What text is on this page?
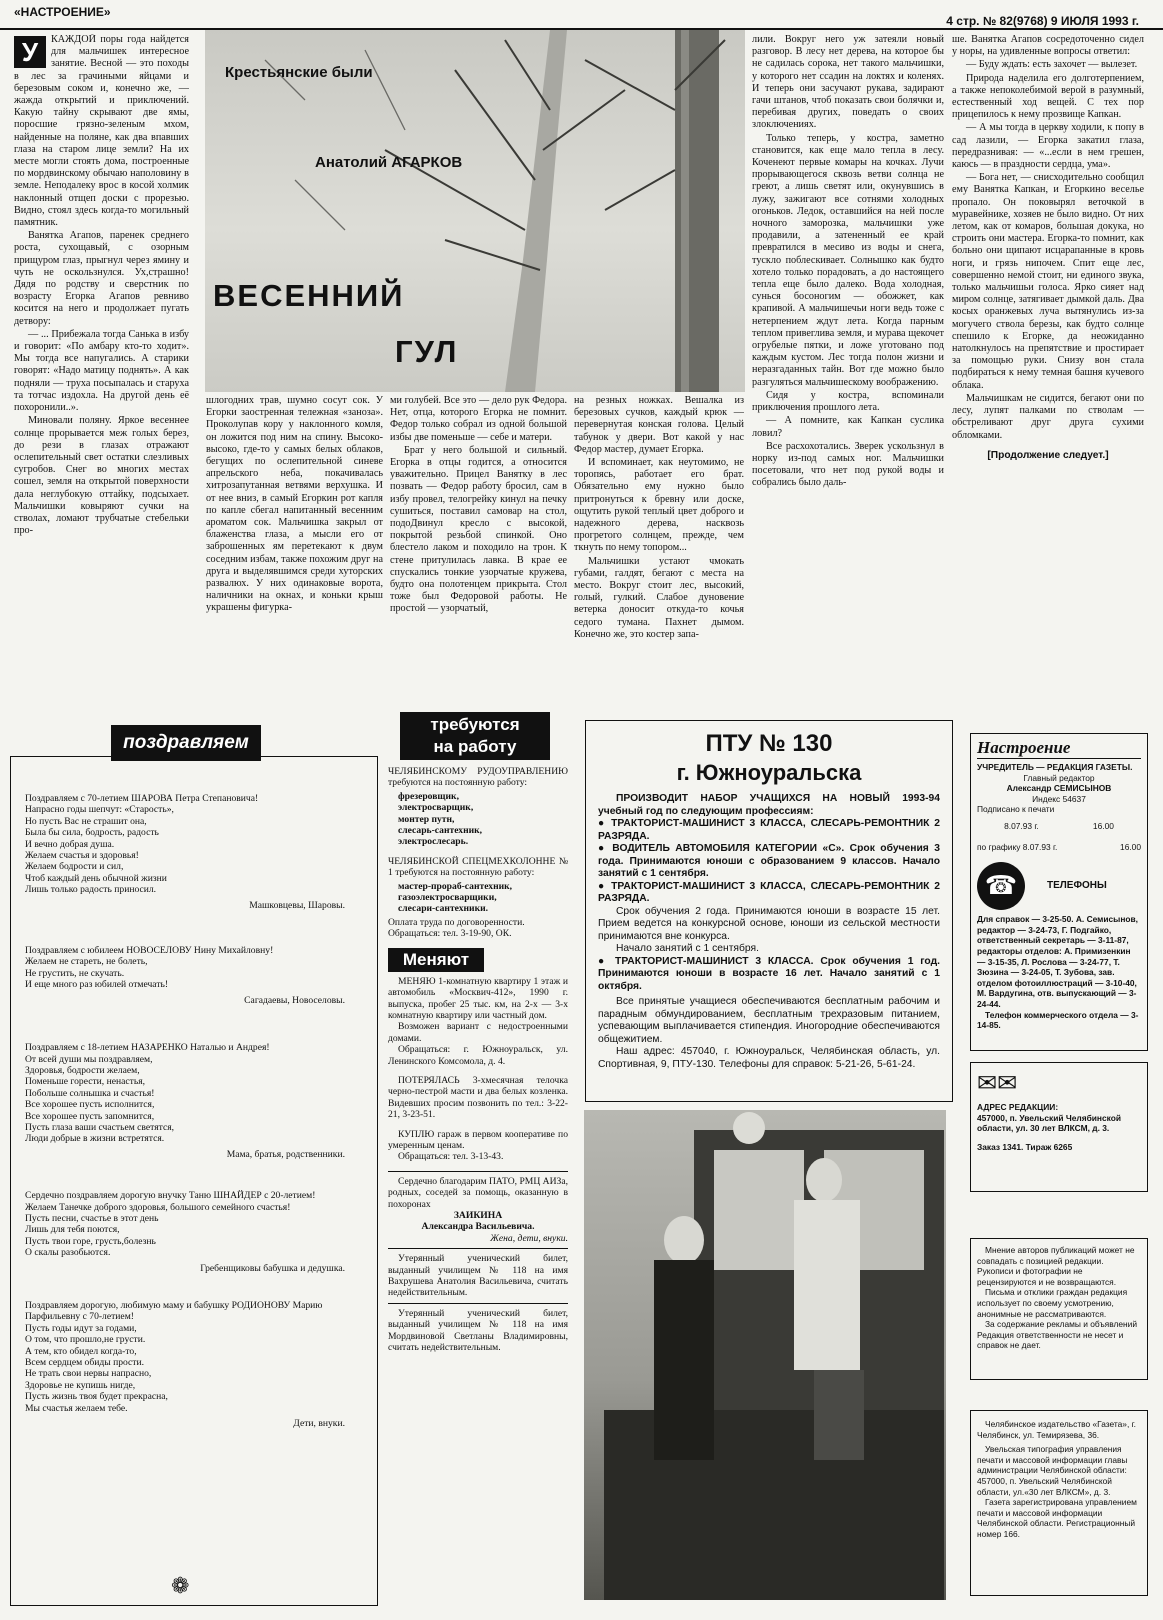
«НАСТРОЕНИЕ»
4 стр. № 82(9768) 9 ИЮЛЯ 1993 г.
У	КАЖДОЙ поры года найдется для мальчишек интересное занятие. Весной — это походы в лес за грачиными яйцами и березовым соком и, конечно же, — жажда открытий и приключений. Какую тайну скрывают две ямы, поросшие грязно-зеленым мхом, найденные на поляне, как два впавших глаза на старом лице земли? На их месте могли стоять дома, построенные по мордвинскому обычаю наполовину в земле. Неподалеку врос в косой холмик наклонный отщеп доски с прорезью. Видно, стоял здесь когда-то могильный памятник.

Ванятка Агапов, паренек среднего роста, сухощавый, с озорным прищуром глаз, прыгнул через ямину и чуть не оскользнулся. Ух,страшно! Дядя по родству и сверстник по возрасту Егорка Агапов ревниво косится на него и продолжает пугать детвору:

— ... Прибежала тогда Санька в избу и говорит: «По амбару кто-то ходит». Мы тогда все напугались. А старики говорят: «Надо матицу поднять». А как подняли — труха посыпалась и старуха та тотчас издохла. На другой день её похоронили..».

Миновали поляну. Яркое весеннее солнце прорывается меж голых берез, до рези в глазах отражают ослепительный свет остатки слезливых сугробов. Снег во многих местах сошел, земля на открытой поверхности дала неглубокую оттайку, подсыхает. Мальчишки ковыряют сучки на стволах, ломают трубчатые стебельки про-

Крестьянские были
Анатолий АГАРКОВ
ВЕСЕННИЙ
ГУЛ

шлогодних трав, шумно сосут сок. У Егорки заостренная тележная «заноза». Проколупав кору у наклонного комля, он ложится под ним на спину. Высоко-высоко, где-то у самых белых облаков, бегущих по ослепительной синеве апрельского неба, покачивалась хитрозапутанная ветвями верхушка. И от нее вниз, в самый Егоркин рот капля по капле сбегал напитанный весенним ароматом сок. Мальчишка закрыл от блаженства глаза, а мысли его от заброшенных ям перетекают к двум соседним избам, также похожим друг на друга и выделявшимся среди хуторских развалюх. У них одинаковые ворота, наличники на окнах, и коньки крыш украшены фигурка-

ми голубей. Все это — дело рук Федора. Нет, отца, которого Егорка не помнит. Федор только собрал из одной большой избы две поменьше — себе и матери.

Брат у него большой и сильный. Егорка в отцы годится, а относится уважительно. Прицел Ванятку в лес позвать — Федор работу бросил, сам в избу провел, телогрейку кинул на печку сушиться, поставил самовар на стол, подоДвинул кресло с высокой, покрытой резьбой спинкой. Оно блестело лаком и походило на трон. К стене притулилась лавка. В крае ее спускались тонкие узорчатые кружева, будто она полотенцем прикрыта. Стол тоже был Федоровой работы. Не простой — узорчатый,

на резных ножках. Вешалка из березовых сучков, каждый крюк — перевернутая конская голова. Целый табунок у двери. Вот какой у нас Федор мастер, думает Егорка.

И вспоминает, как неутомимо, не торопясь, работает его брат. Обязательно ему нужно было притронуться к бревну или доске, ощутить рукой теплый цвет доброго и надежного дерева, насквозь прогретого солнцем, прежде, чем ткнуть по нему топором...

Мальчишки устают чмокать губами, галдят, бегают с места на место. Вокруг стоит лес, высокий, голый, гулкий. Слабое дуновение ветерка доносит откуда-то кочья седого тумана. Пахнет дымом. Конечно же, это костер запа-

лили. Вокруг него уж затеяли новый разговор. В лесу нет дерева, на которое бы не садилась сорока, нет такого мальчишки, у которого нет ссадин на локтях и коленях. И теперь они засучают рукава, задирают гачи штанов, чтоб показать свои болячки и, перебивая других, поведать о своих злоключениях.

Только теперь, у костра, заметно становится, как еще мало тепла в лесу. Коченеют первые комары на кочках. Лучи прорывающегося сквозь ветви солнца не греют, а лишь светят или, окунувшись в лужу, зажигают все сотнями холодных огоньков. Ледок, оставшийся на ней после ночного заморозка, мальчишки уже продавили, а затененный ее край превратился в месиво из воды и снега, тускло поблескивает. Солнышко как будто хотело только порадовать, а до настоящего тепла еще было далеко. Вода холодная, сунься босоногим — обожжет, как крапивой. А мальчишечьи ноги ведь тоже с нетерпением ждут лета. Когда парным теплом привеглива земля, и мурава щекочет огрубелые пятки, и ложе уготовано под каждым кустом. Лес тогда полон жизни и неразгаданных тайн. Вот где можно было разгуляться мальчишескому воображению.

Сидя у костра, вспоминали приключения прошлого лета.

— А помните, как Капкан суслика ловил?

Все расхохотались. Зверек ускользнул в норку из-под самых ног. Мальчишки посетовали, что нет под рукой воды и собрались было даль-

ше. Ванятка Агапов сосредоточенно сидел у норы, на удивленные вопросы ответил:

— Буду ждать: есть захочет — вылезет.

Природа наделила его долготерпением, а также непоколебимой верой в разумный, естественный ход вещей. С тех пор прицепилось к нему прозвище Капкан.

— А мы тогда в церкву ходили, к попу в сад лазили, — Егорка закатил глаза, передразнивая: — «...если в нем грешен, каюсь — в праздности сердца, ума».

— Бога нет, — снисходительно сообщил ему Ванятка Капкан, и Егоркино веселье пропало. Он поковырял веточкой в муравейнике, хозяев не было видно. От них летом, как от комаров, большая докука, но строить они мастера. Егорка-то помнит, как больно они щипают исцарапанные в кровь ноги, и грязь нипочем. Спит еще лес, совершенно немой стоит, ни единого звука, только мальчишьи голоса. Ярко сияет над миром солнце, затягивает дымкой даль. Два косых оранжевых луча вытянулись из-за могучего ствола березы, как будто солнце спешило к Егорке, да неожиданно натолкнулось на препятствие и простирает за помощью руки. Снизу вон стала подбираться к нему темная башня кучевого облака.

Мальчишкам не сидится, бегают они по лесу, лупят палками по стволам — обстреливают друг друга сухими обломками.

[Продолжение следует.]

поздравляем
Поздравляем с 70-летием ШАРОВА Петра Степановича!
Напрасно годы шепчут: «Старость»,
Но пусть Вас не страшит она,
Была бы сила, бодрость, радость
И вечно добрая душа.
Желаем счастья и здоровья!
Желаем бодрости и сил,
Чтоб каждый день обычной жизни
Лишь только радость приносил.
Машковцевы, Шаровы.
Поздравляем с юбилеем НОВОСЕЛОВУ Нину Михайловну!
Желаем не стареть, не болеть,
Не грустить, не скучать.
И еще много раз юбилей отмечать!
Сагадаевы, Новоселовы.
Поздравляем с 18-летием НАЗАРЕНКО Наталью и Андрея!
От всей души мы поздравляем,
Здоровья, бодрости желаем,
Поменьше горести, ненастья,
Побольше солнышка и счастья!
Все хорошее пусть исполнится,
Все хорошее пусть запомнится,
Пусть глаза ваши счастьем светятся,
Люди добрые в жизни встретятся.
Мама, братья, родственники.
Сердечно поздравляем дорогую внучку Таню ШНАЙДЕР с 20-летием!
Желаем Танечке доброго здоровья, большого семейного счастья!
Пусть песни, счастье в этот день
Лишь для тебя поются,
Пусть твои горе, грусть,болезнь
О скалы разобьются.
Гребенщиковы бабушка и дедушка.
Поздравляем дорогую, любимую маму и бабушку РОДИОНОВУ Марию Парфильевну с 70-летием!
Пусть годы идут за годами,
О том, что прошло,не грусти.
А тем, кто обидел когда-то,
Всем сердцем обиды прости.
Не трать свои нервы напрасно,
Здоровье не купишь нигде,
Пусть жизнь твоя будет прекрасна,
Мы счастья желаем тебе.
Дети, внуки.
❁
требуются
на работу
ЧЕЛЯБИНСКОМУ РУДОУПРАВЛЕНИЮ требуются на постоянную работу:
фрезеровщик,
электросварщик,
монтер путн,
слесарь-сантехник,
электрослесарь.
ЧЕЛЯБИНСКОЙ СПЕЦМЕХКОЛОННЕ № 1 требуются на постоянную работу:
мастер-прораб-сантехник,
газоэлектросварщики,
слесари-сантехники.
Оплата труда по договоренности.
Обращаться: тел. 3-19-90, ОК.
Меняют

МЕНЯЮ 1-комнатную квартиру 1 этаж и автомобиль «Москвич-412», 1990 г. выпуска, пробег 25 тыс. км, на 2-х — 3-х комнатную квартиру или частный дом.

Возможен вариант с недостроенными домами.

Обращаться: г. Южноуральск, ул. Ленинского Комсомола, д. 4.

ПОТЕРЯЛАСЬ 3-хмесячная телочка черно-пестрой масти и два белых козленка. Видевших просим позвонить по тел.: 3-22-21, 3-23-51.

КУПЛЮ гараж в первом кооперативе по умеренным ценам.

Обращаться: тел. 3-13-43.

Сердечно благодарим ПАТО, РМЦ АИЗа, родных, соседей за помощь, оказанную в похоронах

ЗАИКИНА

Александра Васильевича.

Жена, дети, внуки.

Утерянный ученический билет, выданный училищем № 118 на имя Вахрушева Анатолия Васильевича, считать недействительным.

Утерянный ученический билет, выданный училищем № 118 на имя Мордвиновой Светланы Владимировны, считать недействительным.

ПТУ № 130
г. Южноуральска

ПРОИЗВОДИТ НАБОР УЧАЩИХСЯ НА НОВЫЙ 1993-94 учебный год по следующим профессиям:

● ТРАКТОРИСТ-МАШИНИСТ 3 КЛАССА, СЛЕСАРЬ-РЕМОНТНИК 2 РАЗРЯДА.

● ВОДИТЕЛЬ АВТОМОБИЛЯ КАТЕГОРИИ «С». Срок обучения 3 года. Принимаются юноши с образованием 9 классов. Начало занятий с 1 сентября.

● ТРАКТОРИСТ-МАШИНИСТ 3 КЛАССА, СЛЕСАРЬ-РЕМОНТНИК 2 РАЗРЯДА.

Срок обучения 2 года. Принимаются юноши в возрасте 15 лет. Прием ведется на конкурсной основе, юноши из сельской местности принимаются вне конкурса.

Начало занятий с 1 сентября.

● ТРАКТОРИСТ-МАШИНИСТ 3 КЛАССА. Срок обучения 1 год. Принимаются юноши в возрасте 16 лет. Начало занятий с 1 октября.

Все принятые учащиеся обеспечиваются бесплатным рабочим и парадным обмундированием, бесплатным трехразовым питанием, успевающим выплачивается стипендия. Иногородние обеспечиваются общежитием.

Наш адрес: 457040, г. Южноуральск, Челябинская область, ул. Спортивная, 9, ПТУ-130. Телефоны для справок: 5-21-26, 5-61-24.

Настроение
УЧРЕДИТЕЛЬ — РЕДАКЦИЯ ГАЗЕТЫ.
Главный редактор
Александр СЕМИСЫНОВ
Индекс 54637
Подписано к печати
8.07.93 г.	16.00
по графику 8.07.93 г.	16.00
☎	ТЕЛЕФОНЫ
Для справок — 3-25-50. А. Семисынов, редактор — 3-24-73, Г. Подгайко, ответственный секретарь — 3-11-87, редакторы отделов: А. Примизенкин — 3-15-35, Л. Рослова — 3-24-77, Т. Зюзина — 3-24-05, Т. Зубова, зав. отделом фотоиллюстраций — 3-10-40, М. Вардугина, отв. выпускающий — 3-24-44.
Телефон коммерческого отдела — 3-14-85.
✉✉
АДРЕС РЕДАКЦИИ:
457000, п. Увельский Челябинской области, ул. 30 лет ВЛКСМ, д. 3.
Заказ 1341. Тираж 6265
Мнение авторов публикаций может не совпадать с позицией редакции. Рукописи и фотографии не рецензируются и не возвращаются.
Письма и отклики граждан редакция использует по своему усмотрению, анонимные не рассматриваются.
За содержание рекламы и объявлений Редакция ответственности не несет и справок не дает.
Челябинское издательство «Газета», г. Челябинск, ул. Темирязева, 36.
Увельская типография управления печати и массовой информации главы администрации Челябинской области: 457000, п. Увельский Челябинской области, ул.«30 лет ВЛКСМ», д. 3.
Газета зарегистрирована управлением печати и массовой информации Челябинской области. Регистрационный номер 166.
